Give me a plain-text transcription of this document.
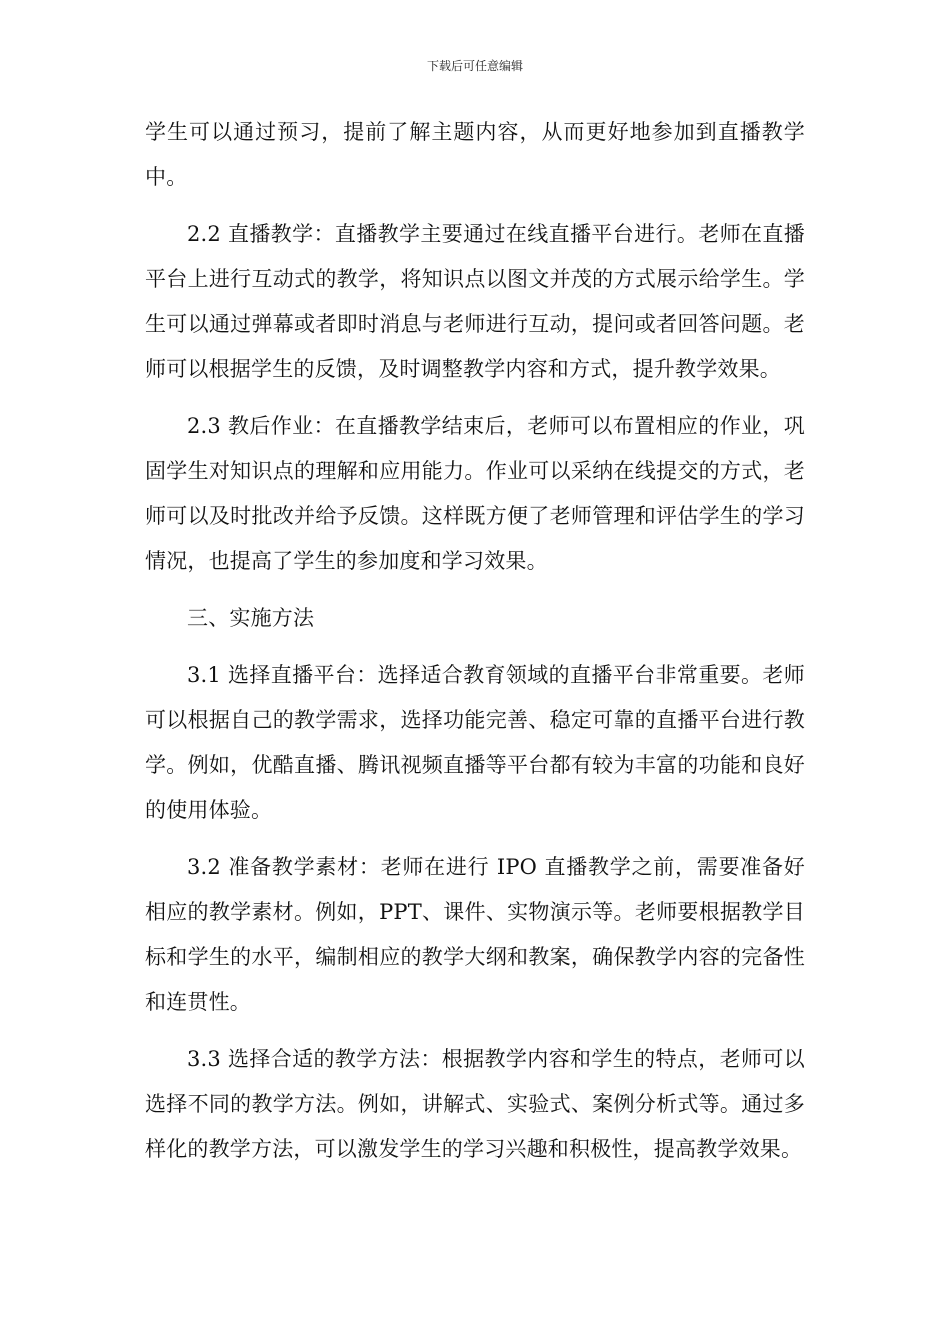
下载后可任意编辑

学生可以通过预习，提前了解主题内容，从而更好地参加到直播教学中。

2.2 直播教学：直播教学主要通过在线直播平台进行。老师在直播平台上进行互动式的教学，将知识点以图文并茂的方式展示给学生。学生可以通过弹幕或者即时消息与老师进行互动，提问或者回答问题。老师可以根据学生的反馈，及时调整教学内容和方式，提升教学效果。

2.3 教后作业：在直播教学结束后，老师可以布置相应的作业，巩固学生对知识点的理解和应用能力。作业可以采纳在线提交的方式，老师可以及时批改并给予反馈。这样既方便了老师管理和评估学生的学习情况，也提高了学生的参加度和学习效果。

三、实施方法

3.1 选择直播平台：选择适合教育领域的直播平台非常重要。老师可以根据自己的教学需求，选择功能完善、稳定可靠的直播平台进行教学。例如，优酷直播、腾讯视频直播等平台都有较为丰富的功能和良好的使用体验。

3.2 准备教学素材：老师在进行 IPO 直播教学之前，需要准备好相应的教学素材。例如，PPT、课件、实物演示等。老师要根据教学目标和学生的水平，编制相应的教学大纲和教案，确保教学内容的完备性和连贯性。

3.3 选择合适的教学方法：根据教学内容和学生的特点，老师可以选择不同的教学方法。例如，讲解式、实验式、案例分析式等。通过多样化的教学方法，可以激发学生的学习兴趣和积极性，提高教学效果。
